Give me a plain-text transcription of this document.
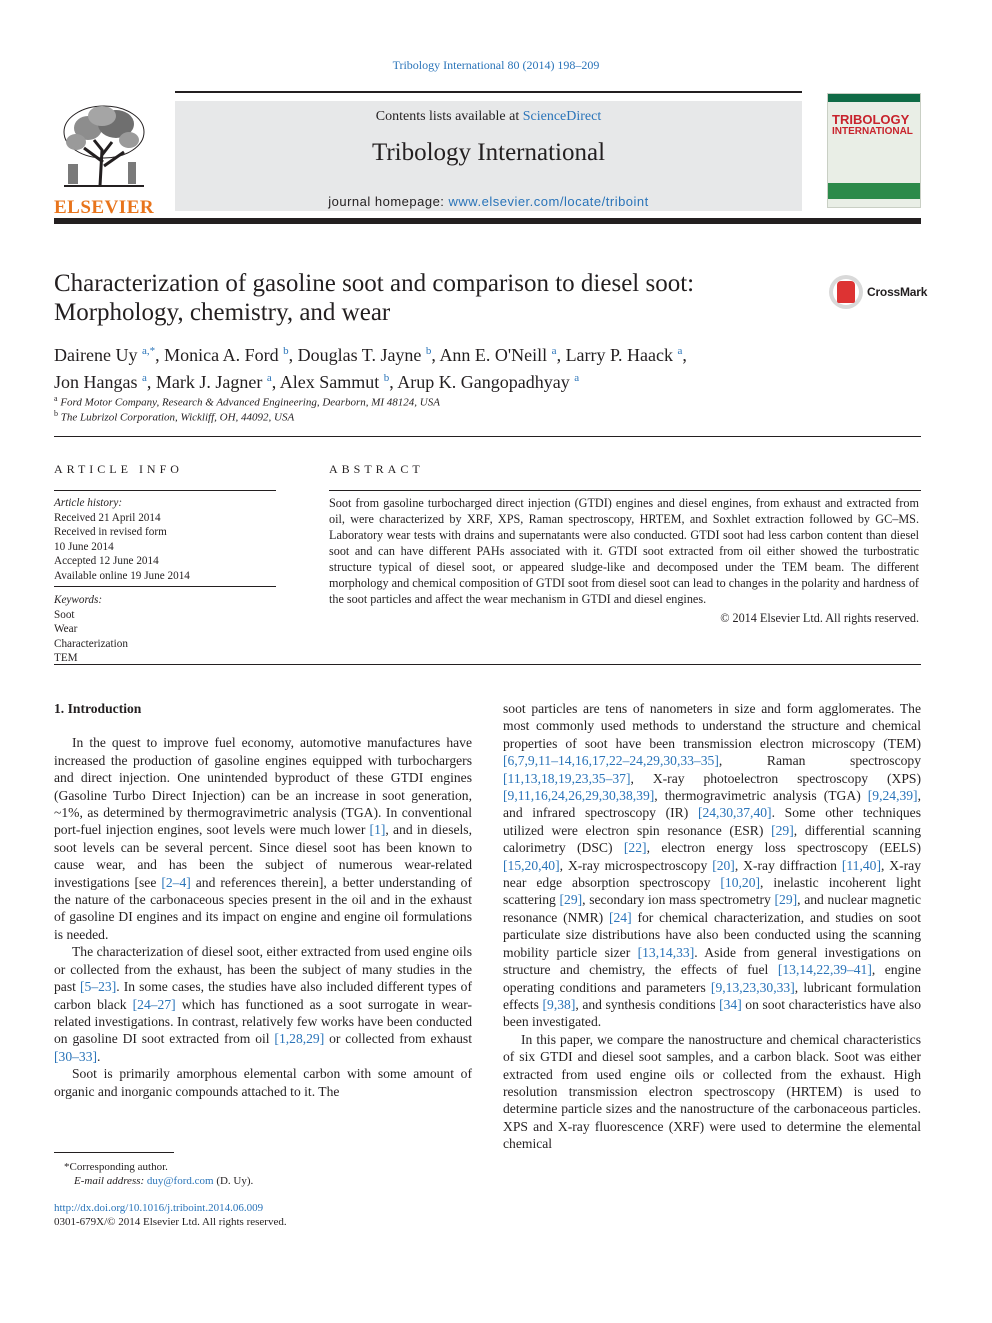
Tribology International 80 (2014) 198–209
ELSEVIER
Contents lists available at ScienceDirect
Tribology International
journal homepage: www.elsevier.com/locate/triboint
TRIBOLOGY
INTERNATIONAL
Characterization of gasoline soot and comparison to diesel soot:
Morphology, chemistry, and wear
CrossMark
Dairene Uy $^{a,*}$, Monica A. Ford $^b$, Douglas T. Jayne $^b$, Ann E. O'Neill $^a$, Larry P. Haack $^a$,
Jon Hangas $^a$, Mark J. Jagner $^a$, Alex Sammut $^b$, Arup K. Gangopadhyay $^a$
$^a$ Ford Motor Company, Research & Advanced Engineering, Dearborn, MI 48124, USA
$^b$ The Lubrizol Corporation, Wickliff, OH, 44092, USA
ARTICLE INFO
Article history:
Received 21 April 2014
Received in revised form
10 June 2014
Accepted 12 June 2014
Available online 19 June 2014
Keywords:
Soot
Wear
Characterization
TEM
ABSTRACT
Soot from gasoline turbocharged direct injection (GTDI) engines and diesel engines, from exhaust and extracted from oil, were characterized by XRF, XPS, Raman spectroscopy, HRTEM, and Soxhlet extraction followed by GC–MS. Laboratory wear tests with drains and supernatants were also conducted. GTDI soot had less carbon content than diesel soot and can have different PAHs associated with it. GTDI soot extracted from oil either showed the turbostratic structure typical of diesel soot, or appeared sludge-like and decomposed under the TEM beam. The different morphology and chemical composition of GTDI soot from diesel soot can lead to changes in the polarity and hardness of the soot particles and affect the wear mechanism in GTDI and diesel engines.
© 2014 Elsevier Ltd. All rights reserved.
1. Introduction

In the quest to improve fuel economy, automotive manufactures have increased the production of gasoline engines equipped with turbochargers and direct injection. One unintended byproduct of these GTDI engines (Gasoline Turbo Direct Injection) can be an increase in soot generation, ~1%, as determined by thermogravimetric analysis (TGA). In conventional port-fuel injection engines, soot levels were much lower [1], and in diesels, soot levels can be several percent. Since diesel soot has been known to cause wear, and has been the subject of numerous wear-related investigations [see [2–4] and references therein], a better understanding of the nature of the carbonaceous species present in the oil and in the exhaust of gasoline DI engines and its impact on engine and engine oil formulations is needed.

The characterization of diesel soot, either extracted from used engine oils or collected from the exhaust, has been the subject of many studies in the past [5–23]. In some cases, the studies have also included different types of carbon black [24–27] which has functioned as a soot surrogate in wear-related investigations. In contrast, relatively few works have been conducted on gasoline DI soot extracted from oil [1,28,29] or collected from exhaust [30–33].

Soot is primarily amorphous elemental carbon with some amount of organic and inorganic compounds attached to it. The

soot particles are tens of nanometers in size and form agglomerates. The most commonly used methods to understand the structure and chemical properties of soot have been transmission electron microscopy (TEM) [6,7,9,11–14,16,17,22–24,29,30,33–35], Raman spectroscopy [11,13,18,19,23,35–37], X-ray photoelectron spectroscopy (XPS) [9,11,16,24,26,29,30,38,39], thermogravimetric analysis (TGA) [9,24,39], and infrared spectroscopy (IR) [24,30,37,40]. Some other techniques utilized were electron spin resonance (ESR) [29], differential scanning calorimetry (DSC) [22], electron energy loss spectroscopy (EELS) [15,20,40], X-ray microspectroscopy [20], X-ray diffraction [11,40], X-ray near edge absorption spectroscopy [10,20], inelastic incoherent light scattering [29], secondary ion mass spectrometry [29], and nuclear magnetic resonance (NMR) [24] for chemical characterization, and studies on soot particulate size distributions have also been conducted using the scanning mobility particle sizer [13,14,33]. Aside from general investigations on structure and chemistry, the effects of fuel [13,14,22,39–41], engine operating conditions and parameters [9,13,23,30,33], lubricant formulation effects [9,38], and synthesis conditions [34] on soot characteristics have also been investigated.

In this paper, we compare the nanostructure and chemical characteristics of six GTDI and diesel soot samples, and a carbon black. Soot was either extracted from used engine oils or collected from the exhaust. High resolution transmission electron spectroscopy (HRTEM) is used to determine particle sizes and the nanostructure of the carbonaceous particles. XPS and X-ray fluorescence (XRF) were used to determine the elemental chemical

*Corresponding author.
E-mail address: duy@ford.com (D. Uy).
http://dx.doi.org/10.1016/j.triboint.2014.06.009
0301-679X/© 2014 Elsevier Ltd. All rights reserved.
